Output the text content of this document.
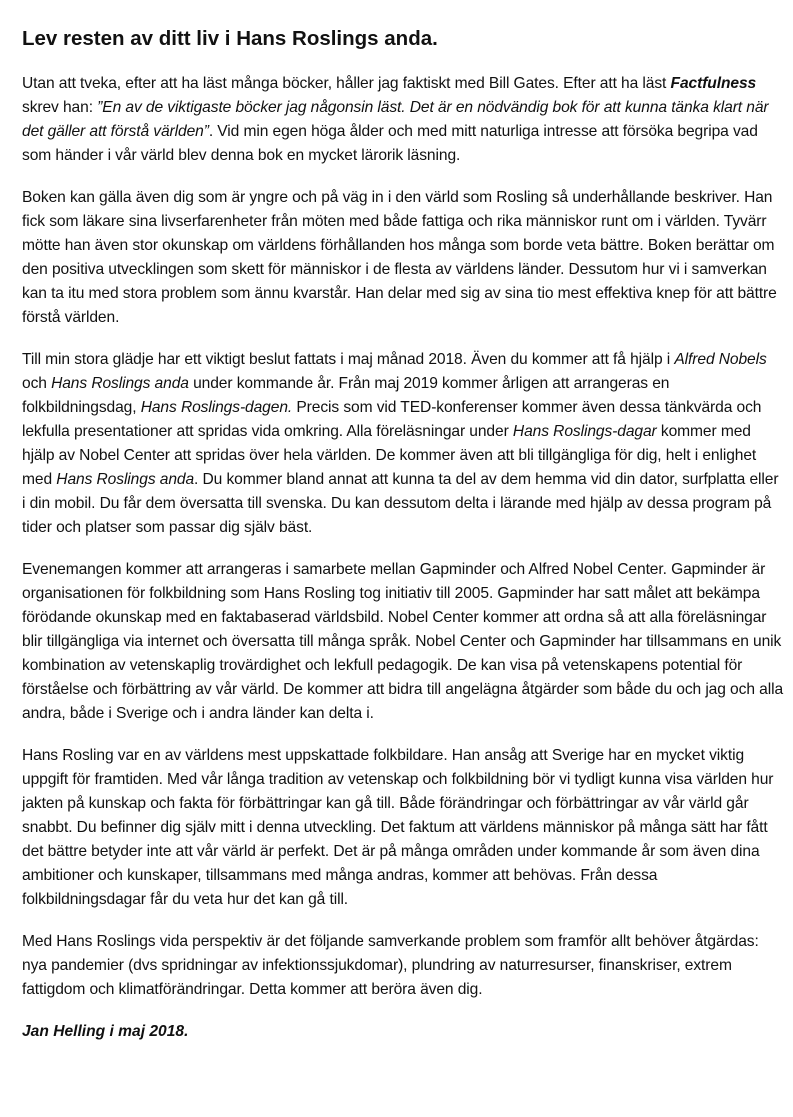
Lev resten av ditt liv i Hans Roslings anda.

Utan att tveka, efter att ha läst många böcker, håller jag faktiskt med Bill Gates. Efter att ha läst Factfulness skrev han: ”En av de viktigaste böcker jag någonsin läst. Det är en nödvändig bok för att kunna tänka klart när det gäller att förstå världen”. Vid min egen höga ålder och med mitt naturliga intresse att försöka begripa vad som händer i vår värld blev denna bok en mycket lärorik läsning.

Boken kan gälla även dig som är yngre och på väg in i den värld som Rosling så underhållande beskriver. Han fick som läkare sina livserfarenheter från möten med både fattiga och rika människor runt om i världen. Tyvärr mötte han även stor okunskap om världens förhållanden hos många som borde veta bättre. Boken berättar om den positiva utvecklingen som skett för människor i de flesta av världens länder. Dessutom hur vi i samverkan kan ta itu med stora problem som ännu kvarstår. Han delar med sig av sina tio mest effektiva knep för att bättre förstå världen.

Till min stora glädje har ett viktigt beslut fattats i maj månad 2018. Även du kommer att få hjälp i Alfred Nobels och Hans Roslings anda under kommande år. Från maj 2019 kommer årligen att arrangeras en folkbildningsdag, Hans Roslings-dagen. Precis som vid TED-konferenser kommer även dessa tänkvärda och lekfulla presentationer att spridas vida omkring. Alla föreläsningar under Hans Roslings-dagar kommer med hjälp av Nobel Center att spridas över hela världen. De kommer även att bli tillgängliga för dig, helt i enlighet med Hans Roslings anda. Du kommer bland annat att kunna ta del av dem hemma vid din dator, surfplatta eller i din mobil. Du får dem översatta till svenska. Du kan dessutom delta i lärande med hjälp av dessa program på tider och platser som passar dig själv bäst.

Evenemangen kommer att arrangeras i samarbete mellan Gapminder och Alfred Nobel Center. Gapminder är organisationen för folkbildning som Hans Rosling tog initiativ till 2005. Gapminder har satt målet att bekämpa förödande okunskap med en faktabaserad världsbild. Nobel Center kommer att ordna så att alla föreläsningar blir tillgängliga via internet och översatta till många språk. Nobel Center och Gapminder har tillsammans en unik kombination av vetenskaplig trovärdighet och lekfull pedagogik. De kan visa på vetenskapens potential för förståelse och förbättring av vår värld. De kommer att bidra till angelägna åtgärder som både du och jag och alla andra, både i Sverige och i andra länder kan delta i.

Hans Rosling var en av världens mest uppskattade folkbildare. Han ansåg att Sverige har en mycket viktig uppgift för framtiden. Med vår långa tradition av vetenskap och folkbildning bör vi tydligt kunna visa världen hur jakten på kunskap och fakta för förbättringar kan gå till. Både förändringar och förbättringar av vår värld går snabbt. Du befinner dig själv mitt i denna utveckling. Det faktum att världens människor på många sätt har fått det bättre betyder inte att vår värld är perfekt. Det är på många områden under kommande år som även dina ambitioner och kunskaper, tillsammans med många andras, kommer att behövas. Från dessa folkbildningsdagar får du veta hur det kan gå till.

Med Hans Roslings vida perspektiv är det följande samverkande problem som framför allt behöver åtgärdas: nya pandemier (dvs spridningar av infektionssjukdomar), plundring av naturresurser, finanskriser, extrem fattigdom och klimatförändringar. Detta kommer att beröra även dig.

Jan Helling i maj 2018.
